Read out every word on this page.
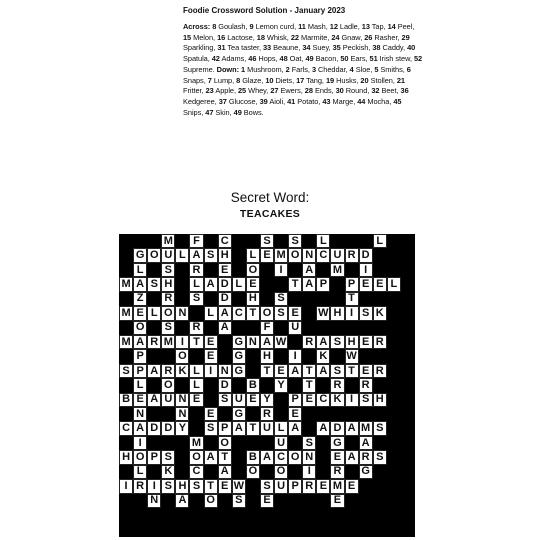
Foodie Crossword Solution - January 2023
Across: 8 Goulash, 9 Lemon curd, 11 Mash, 12 Ladle, 13 Tap, 14 Peel, 15 Melon, 16 Lactose, 18 Whisk, 22 Marmite, 24 Gnaw, 26 Rasher, 29 Sparkling, 31 Tea taster, 33 Beaune, 34 Suey, 35 Peckish, 38 Caddy, 40 Spatula, 42 Adams, 46 Hops, 48 Oat, 49 Bacon, 50 Ears, 51 Irish stew, 52 Supreme. Down: 1 Mushroom, 2 Farls, 3 Cheddar, 4 Sloe, 5 Smiths, 6 Snaps, 7 Lump, 8 Glaze, 10 Diets, 17 Tang, 19 Husks, 20 Stollen, 21 Fritter, 23 Apple, 25 Whey, 27 Ewers, 28 Ends, 30 Round, 32 Beet, 36 Kedgeree, 37 Glucose, 39 Aioli, 41 Potato, 43 Marge, 44 Mocha, 45 Snips, 47 Skin, 49 Bows.
Secret Word:
TEACAKES
M	F	C	S	S	L	L
G O U L A S H	L E M O N C U R D
L	S	R	E	O	I	A M	I
M A S H	L A D L E	T A P	P E E L
Z	R	S	D H	S	T
M E L O N	L A C T O S E	W H I S K
O	S	R A	F	U
M A R M I T E	G N A W R A S H E R
P	O	E	G H	I	K W
S P A R K L I N G	T E A T A S T E R
L	O	L	D B	Y	T	R R
B E A U N E	S U E Y	P E C K I S H
N	N	E	G R	E
C A D D Y	S P A T U L A A D A M S
I	M O	U	S	G A
H O P S	O A T	B A C O N	E A R S
L	K C A O O	I	R G
I R I S H S T E W	S U P R E M E
N A O	S	E	E
